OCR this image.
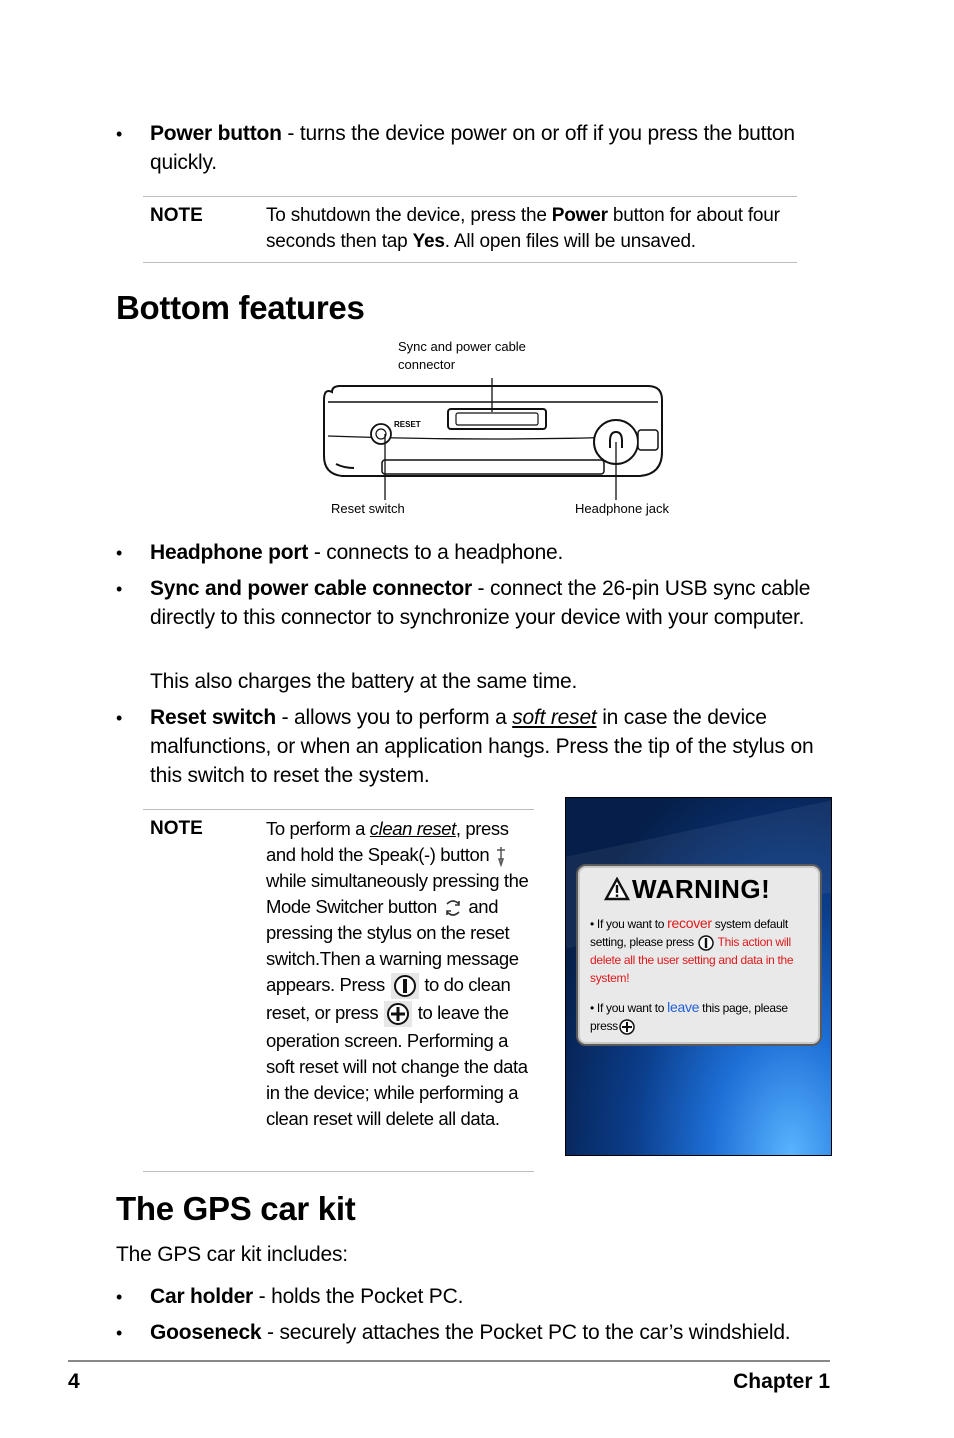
• Power button - turns the device power on or off if you press the button quickly.
NOTE	To shutdown the device, press the Power button for about four seconds then tap Yes. All open files will be unsaved.
Bottom features
Sync and power cable connector
Reset switch	Headphone jack
RESET
• Headphone port - connects to a headphone.
• Sync and power cable connector - connect the 26-pin USB sync cable directly to this connector to synchronize your device with your computer.
This also charges the battery at the same time.
• Reset switch - allows you to perform a soft reset in case the device malfunctions, or when an application hangs. Press the tip of the stylus on this switch to reset the system.
NOTE	To perform a clean reset, press and hold the Speak(-) button  while simultaneously pressing the Mode Switcher button  and pressing the stylus on the reset switch.Then a warning message appears. Press  to do clean reset, or press  to leave the operation screen. Performing a soft reset will not change the data in the device; while performing a clean reset will delete all data.
WARNING!
• If you want to recover system default setting, please press  This action will delete all the user setting and data in the system!
• If you want to leave this page, please press
The GPS car kit
The GPS car kit includes:
• Car holder - holds the Pocket PC.
• Gooseneck - securely attaches the Pocket PC to the car’s windshield.
4	Chapter 1
